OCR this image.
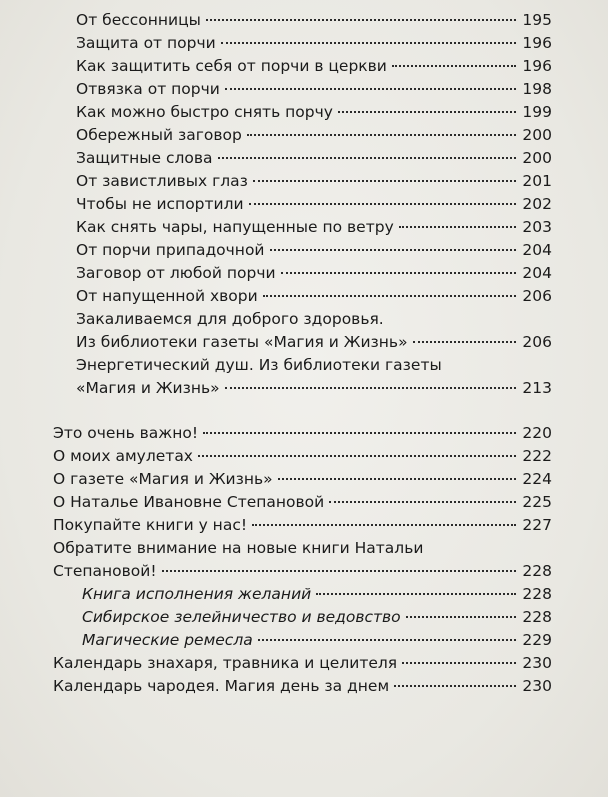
От бессонницы	195
Защита от порчи	196
Как защитить себя от порчи в церкви	196
Отвязка от порчи	198
Как можно быстро снять порчу	199
Обережный заговор	200
Защитные слова	200
От завистливых глаз	201
Чтобы не испортили	202
Как снять чары, напущенные по ветру	203
От порчи припадочной	204
Заговор от любой порчи	204
От напущенной хвори	206
Закаливаемся для доброго здоровья.
Из библиотеки газеты «Магия и Жизнь»	206
Энергетический душ. Из библиотеки газеты
«Магия и Жизнь»	213
Это очень важно!	220
О моих амулетах	222
О газете «Магия и Жизнь»	224
О Наталье Ивановне Степановой	225
Покупайте книги у нас!	227
Обратите внимание на новые книги Натальи
Степановой!	228
Книга исполнения желаний	228
Сибирское зелейничество и ведовство	228
Магические ремесла	229
Календарь знахаря, травника и целителя	230
Календарь чародея. Магия день за днем	230
